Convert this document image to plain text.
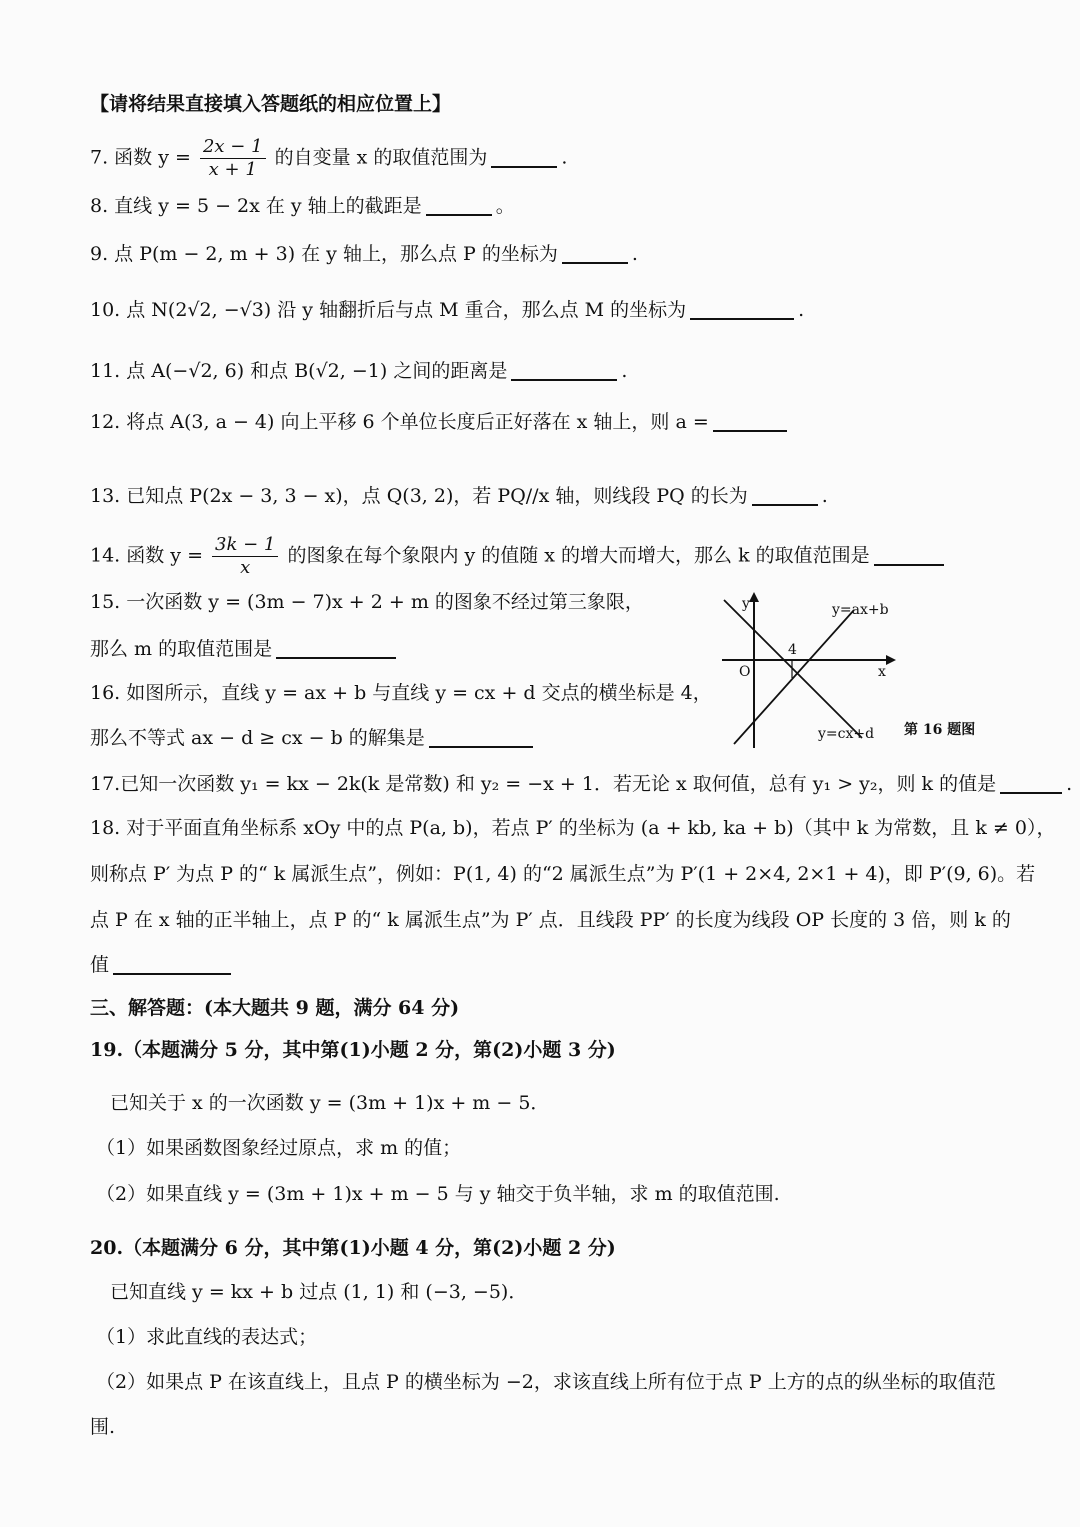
【请将结果直接填入答题纸的相应位置上】
7. 函数 $y = \frac{2x - 1}{x + 1}$ 的自变量 x 的取值范围为	.
8. 直线 y = 5 − 2x 在 y 轴上的截距是	。
9. 点 P(m − 2, m + 3) 在 y 轴上，那么点 P 的坐标为	.
10. 点 N(2√2, −√3) 沿 y 轴翻折后与点 M 重合，那么点 M 的坐标为	.
11. 点 A(−√2, 6) 和点 B(√2, −1) 之间的距离是	.
12. 将点 A(3, a − 4) 向上平移 6 个单位长度后正好落在 x 轴上，则 a =
13. 已知点 P(2x − 3, 3 − x)，点 Q(3, 2)，若 PQ//x 轴，则线段 PQ 的长为	.
14. 函数 $y = \frac{3k - 1}{x}$ 的图象在每个象限内 y 的值随 x 的增大而增大，那么 k 的取值范围是
15. 一次函数 y = (3m − 7)x + 2 + m 的图象不经过第三象限，
那么 m 的取值范围是
16. 如图所示，直线 y = ax + b 与直线 y = cx + d 交点的横坐标是 4，
那么不等式 ax − d ≥ cx − b 的解集是
y
x
O
4
y=ax+b
y=cx+d 第 16 题图
17.已知一次函数 y₁ = kx − 2k(k 是常数) 和 y₂ = −x + 1．若无论 x 取何值，总有 y₁ > y₂，则 k 的值是	.
18. 对于平面直角坐标系 xOy 中的点 P(a, b)，若点 P′ 的坐标为 (a + kb, ka + b)（其中 k 为常数，且 k ≠ 0），
则称点 P′ 为点 P 的“ k 属派生点”，例如：P(1, 4) 的“2 属派生点”为 P′(1 + 2×4, 2×1 + 4)，即 P′(9, 6)。若
点 P 在 x 轴的正半轴上，点 P 的“ k 属派生点”为 P′ 点．且线段 PP′ 的长度为线段 OP 长度的 3 倍，则 k 的
值
三、解答题：(本大题共 9 题，满分 64 分)
19.（本题满分 5 分，其中第(1)小题 2 分，第(2)小题 3 分)
已知关于 x 的一次函数 y = (3m + 1)x + m − 5．
（1）如果函数图象经过原点，求 m 的值；
（2）如果直线 y = (3m + 1)x + m − 5 与 y 轴交于负半轴，求 m 的取值范围.
20.（本题满分 6 分，其中第(1)小题 4 分，第(2)小题 2 分)
已知直线 y = kx + b 过点 (1, 1) 和 (−3, −5)．
（1）求此直线的表达式；
（2）如果点 P 在该直线上，且点 P 的横坐标为 −2，求该直线上所有位于点 P 上方的点的纵坐标的取值范
围.
